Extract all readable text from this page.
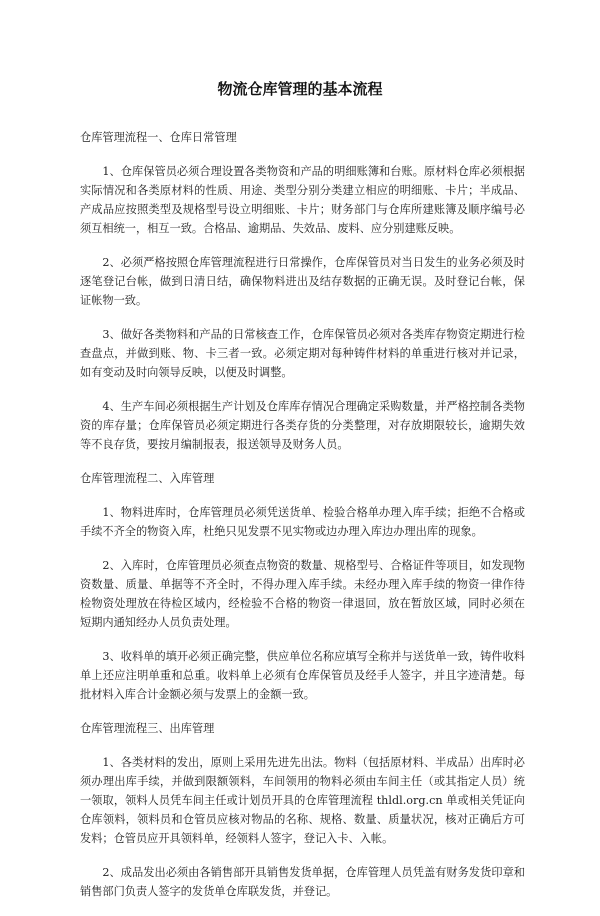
物流仓库管理的基本流程

仓库管理流程一、仓库日常管理

1、仓库保管员必须合理设置各类物资和产品的明细账簿和台账。原材料仓库必须根据实际情况和各类原材料的性质、用途、类型分别分类建立相应的明细账、卡片；半成品、产成品应按照类型及规格型号设立明细账、卡片；财务部门与仓库所建账簿及顺序编号必须互相统一，相互一致。合格品、逾期品、失效品、废料、应分别建账反映。

2、必须严格按照仓库管理流程进行日常操作，仓库保管员对当日发生的业务必须及时逐笔登记台帐，做到日清日结，确保物料进出及结存数据的正确无误。及时登记台帐，保证帐物一致。

3、做好各类物料和产品的日常核查工作，仓库保管员必须对各类库存物资定期进行检查盘点，并做到账、物、卡三者一致。必须定期对每种铸件材料的单重进行核对并记录，如有变动及时向领导反映，以便及时调整。

4、生产车间必须根据生产计划及仓库库存情况合理确定采购数量，并严格控制各类物资的库存量；仓库保管员必须定期进行各类存货的分类整理，对存放期限较长，逾期失效等不良存货，要按月编制报表，报送领导及财务人员。

仓库管理流程二、入库管理

1、物料进库时，仓库管理员必须凭送货单、检验合格单办理入库手续；拒绝不合格或手续不齐全的物资入库，杜绝只见发票不见实物或边办理入库边办理出库的现象。

2、入库时，仓库管理员必须查点物资的数量、规格型号、合格证件等项目，如发现物资数量、质量、单据等不齐全时，不得办理入库手续。未经办理入库手续的物资一律作待检物资处理放在待检区域内，经检验不合格的物资一律退回，放在暂放区域，同时必须在短期内通知经办人员负责处理。

3、收料单的填开必须正确完整，供应单位名称应填写全称并与送货单一致，铸件收料单上还应注明单重和总重。收料单上必须有仓库保管员及经手人签字，并且字迹清楚。每批材料入库合计金额必须与发票上的金额一致。

仓库管理流程三、出库管理

1、各类材料的发出，原则上采用先进先出法。物料（包括原材料、半成品）出库时必须办理出库手续，并做到限额领料，车间领用的物料必须由车间主任（或其指定人员）统一领取，领料人员凭车间主任或计划员开具的仓库管理流程 thldl.org.cn 单或相关凭证向仓库领料，领料员和仓管员应核对物品的名称、规格、数量、质量状况，核对正确后方可发料；仓管员应开具领料单，经领料人签字，登记入卡、入帐。

2、成品发出必须由各销售部开具销售发货单据，仓库管理人员凭盖有财务发货印章和销售部门负责人签字的发货单仓库联发货，并登记。
